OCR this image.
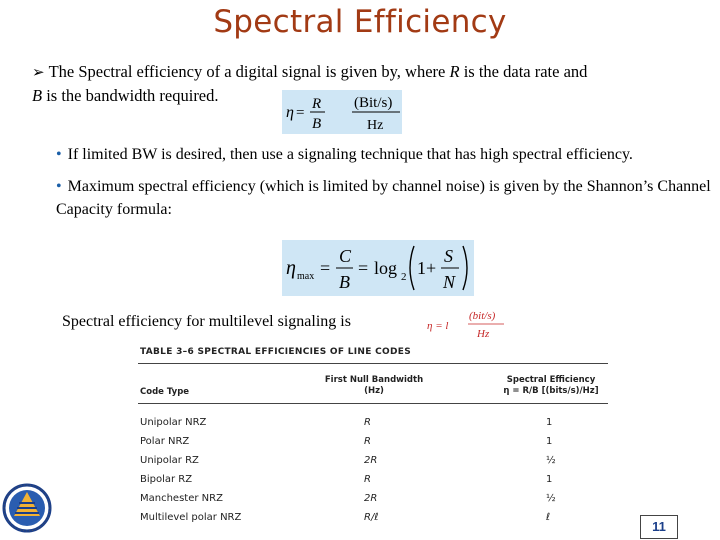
Spectral Efficiency
➢ The Spectral efficiency of a digital signal is given by, where R is the data rate and
B is the bandwidth required.
η =
R
B
(Bit/s)
Hz
• If limited BW is desired, then use a signaling technique that has high spectral efficiency.
• Maximum spectral efficiency (which is limited by channel noise) is given by the Shannon’s Channel Capacity formula:
η max =
C
B
= log 2 1+
S
N
Spectral efficiency for multilevel signaling is	η = l
(bit/s)
Hz
TABLE 3–6 SPECTRAL EFFICIENCIES OF LINE CODES
Code Type
First Null Bandwidth
(Hz)
Spectral Efficiency
η = R/B [(bits/s)/Hz]
Unipolar NRZ	R	1
Polar NRZ	R	1
Unipolar RZ	2R	½
Bipolar RZ	R	1
Manchester NRZ	2R	½
Multilevel polar NRZ	R/ℓ	ℓ
11
